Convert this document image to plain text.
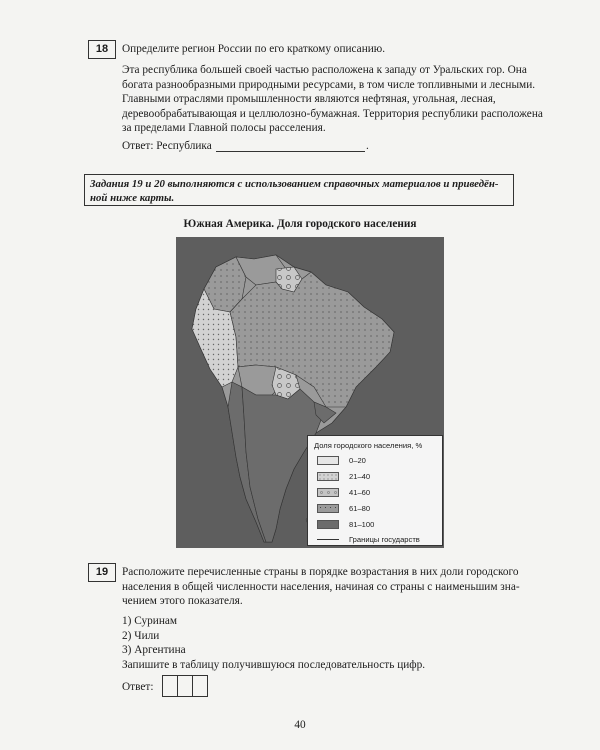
18	Определите регион России по его краткому описанию.
Эта республика большей своей частью расположена к западу от Уральских гор. Она
богата разнообразными природными ресурсами, в том числе топливными и лесными.
Главными отраслями промышленности являются нефтяная, угольная, лесная,
деревообрабатывающая и целлюлозно-бумажная. Территория республики расположена
за пределами Главной полосы расселения.
Ответ: Республика	.
Задания 19 и 20 выполняются с использованием справочных материалов и приведён-
ной ниже карты.
Южная Америка. Доля городского населения
Доля городского населения, %
0–20
21–40
41–60
61–80
81–100
Границы государств
19	Расположите перечисленные страны в порядке возрастания в них доли городского
населения в общей численности населения, начиная со страны с наименьшим зна-
чением этого показателя.
1) Суринам
2) Чили
3) Аргентина
Запишите в таблицу получившуюся последовательность цифр.
Ответ:
40
